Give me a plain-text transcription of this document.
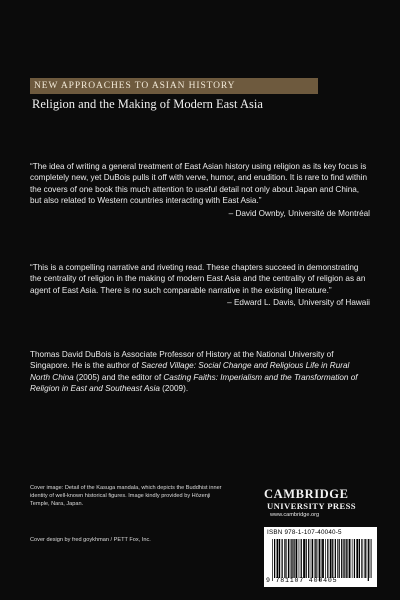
NEW APPROACHES TO ASIAN HISTORY
Religion and the Making of Modern East Asia

“The idea of writing a general treatment of East Asian history using religion as its key focus is completely new, yet DuBois pulls it off with verve, humor, and erudition. It is rare to find within the covers of one book this much attention to useful detail not only about Japan and China, but also related to Western countries interacting with East Asia.”

– David Ownby, Université de Montréal

“This is a compelling narrative and riveting read. These chapters succeed in demonstrating the centrality of religion in the making of modern East Asia and the centrality of religion as an agent of East Asia. There is no such comparable narrative in the existing literature.”

– Edward L. Davis, University of Hawaii

Thomas David DuBois is Associate Professor of History at the National University of Singapore. He is the author of Sacred Village: Social Change and Religious Life in Rural North China (2005) and the editor of Casting Faiths: Imperialism and the Transformation of Religion in East and Southeast Asia (2009).

Cover image: Detail of the Kasuga mandala, which depicts the Buddhist inner identity of well-known historical figures. Image kindly provided by Hōzenji Temple, Nara, Japan.

Cover design by fred goykhman / PETT Fox, Inc.

CAMBRIDGE
UNIVERSITY PRESS
www.cambridge.org
ISBN 978-1-107-40040-5
9 781107 400405
